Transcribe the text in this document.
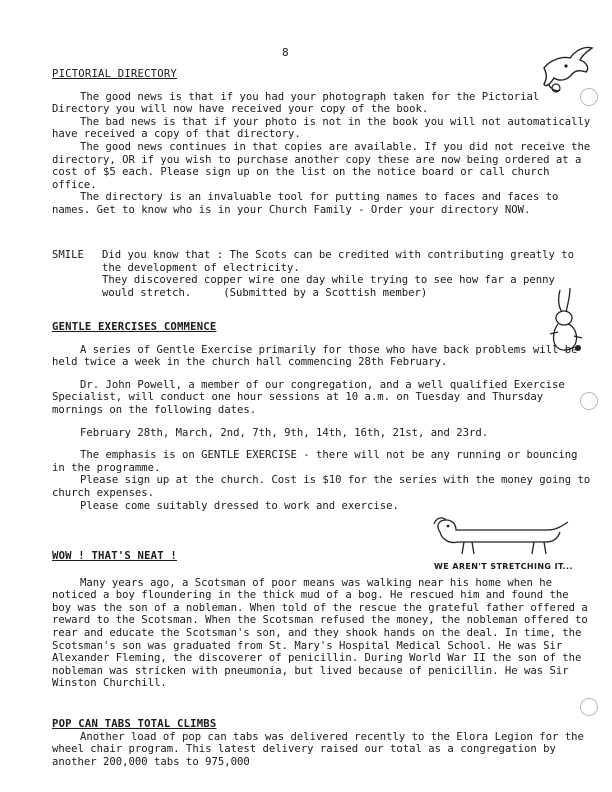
8
PICTORIAL DIRECTORY

The good news is that if you had your photograph taken for the Pictorial Directory you will now have received your copy of the book.

The bad news is that if your photo is not in the book you will not automatically have received a copy of that directory.

The good news continues in that copies are available. If you did not receive the directory, OR if you wish to purchase another copy these are now being ordered at a cost of $5 each. Please sign up on the list on the notice board or call church office.

The directory is an invaluable tool for putting names to faces and faces to names. Get to know who is in your Church Family - Order your directory NOW.

SMILE	Did you know that : The Scots can be credited with contributing greatly to the development of electricity.

They discovered copper wire one day while trying to see how far a penny would stretch.	(Submitted by a Scottish member)

GENTLE EXERCISES COMMENCE

A series of Gentle Exercise primarily for those who have back problems will be held twice a week in the church hall commencing 28th February.

Dr. John Powell, a member of our congregation, and a well qualified Exercise Specialist, will conduct one hour sessions at 10 a.m. on Tuesday and Thursday mornings on the following dates.

February 28th, March, 2nd, 7th, 9th, 14th, 16th, 21st, and 23rd.

The emphasis is on GENTLE EXERCISE - there will not be any running or bouncing in the programme.

Please sign up at the church. Cost is $10 for the series with the money going to church expenses.

Please come suitably dressed to work and exercise.

WE AREN'T STRETCHING IT...
WOW ! THAT'S NEAT !

Many years ago, a Scotsman of poor means was walking near his home when he noticed a boy floundering in the thick mud of a bog. He rescued him and found the boy was the son of a nobleman. When told of the rescue the grateful father offered a reward to the Scotsman. When the Scotsman refused the money, the nobleman offered to rear and educate the Scotsman's son, and they shook hands on the deal. In time, the Scotsman's son was graduated from St. Mary's Hospital Medical School. He was Sir Alexander Fleming, the discoverer of penicillin. During World War II the son of the nobleman was stricken with pneumonia, but lived because of penicillin. He was Sir Winston Churchill.

POP CAN TABS TOTAL CLIMBS

Another load of pop can tabs was delivered recently to the Elora Legion for the wheel chair program. This latest delivery raised our total as a congregation by another 200,000 tabs to 975,000
